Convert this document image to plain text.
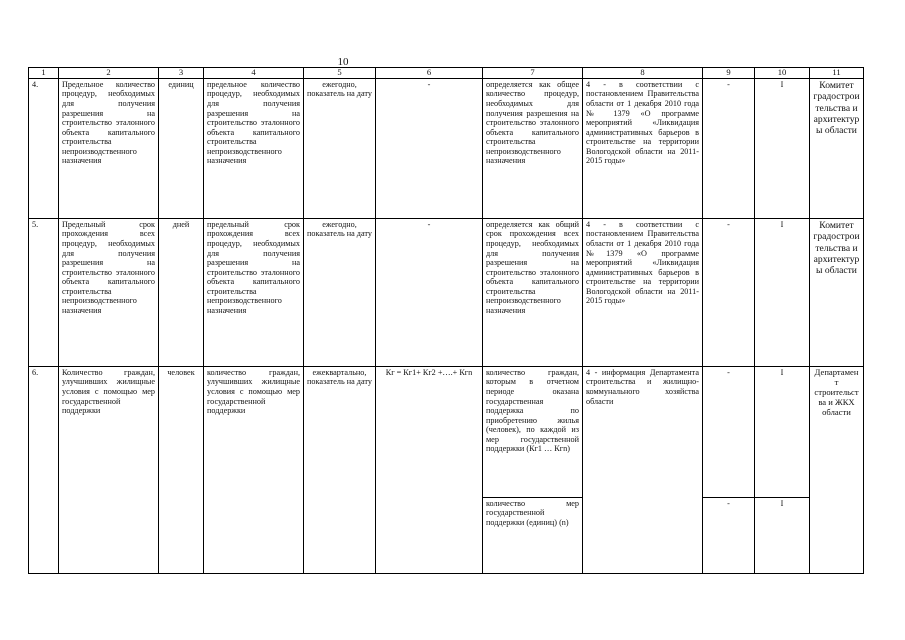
10
1	2	3	4	5	6	7	8	9	10	11
4.	Предельное количество процедур, необходимых для получения разрешения на строительство эталонного объекта капитального строительства непроизводственного назначения	единиц	предельное количество процедур, необходимых для получения разрешения на строительство эталонного объекта капитального строительства непроизводственного назначения	ежегодно, показатель на дату	-	определяется как общее количество процедур, необходимых для получения разрешения на строительство эталонного объекта капитального строительства непроизводственного назначения	4 - в соответствии с постановлением Правительства области от 1 декабря 2010 года № 1379 «О программе мероприятий «Ликвидация административных барьеров в строительстве на территории Вологодской области на 2011-2015 годы»	-	I	Комитет градостроительства и архитектуры области
5.	Предельный срок прохождения всех процедур, необходимых для получения разрешения на строительство эталонного объекта капитального строительства непроизводственного назначения	дней	предельный срок прохождения всех процедур, необходимых для получения разрешения на строительство эталонного объекта капитального строительства непроизводственного назначения	ежегодно, показатель на дату	-	определяется как общий срок прохождения всех процедур, необходимых для получения разрешения на строительство эталонного объекта капитального строительства непроизводственного назначения	4 - в соответствии с постановлением Правительства области от 1 декабря 2010 года №1379 «О программе мероприятий «Ликвидация административных барьеров в строительстве на территории Вологодской области на 2011-2015 годы»	-	I	Комитет градостроительства и архитектуры области
6.	Количество граждан, улучшивших жилищные условия с помощью мер государственной поддержки	человек	количество граждан, улучшивших жилищные условия с помощью мер государственной поддержки	ежеквартально, показатель на дату	Кг = Кг1+ Кг2 +….+ Кгn	количество граждан, которым в отчетном периоде оказана государственная поддержка по приобретению жилья (человек), по каждой из мер государственной поддержки (Кг1 … Кгn)	4 - информация Департамента строительства и жилищно-коммунального хозяйства области	-	I	Департамент строительства и ЖКХ области
						количество мер государственной поддержки (единиц) (n)		-	I	
